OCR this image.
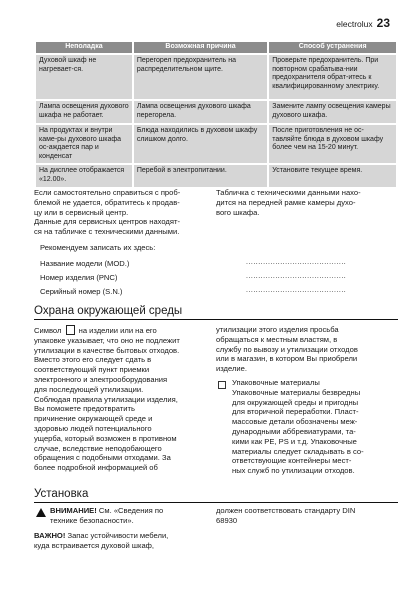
electrolux 23
Неполадка	Возможная причина	Способ устранения
Духовой шкаф не нагревает-ся.	Перегорел предохранитель на распределительном щите.	Проверьте предохранитель. При повторном срабатыва-нии предохранителя обрат-итесь к квалифицированному электрику.
Лампа освещения духового шкафа не работает.	Лампа освещения духового шкафа перегорела.	Замените лампу освещения камеры духового шкафа.
На продуктах и внутри каме-ры духового шкафа ос-аждается пар и конденсат	Блюда находились в духовом шкафу слишком долго.	После приготовления не ос-тавляйте блюда в духовом шкафу более чем на 15-20 минут.
На дисплее отображается «12.00».	Перебой в электропитании.	Установите текущее время.
Если самостоятельно справиться с проб-
блемой не удается, обратитесь к продав-
цу или в сервисный центр.
Данные для сервисных центров находят-
ся на табличке с техническими данными.
Табличка с техническими данными нахо-
дится на передней рамке камеры духо-
вого шкафа.
Рекомендуем записать их здесь:
Название модели (MOD.)	.........................................
Номер изделия (PNC)	.........................................
Серийный номер (S.N.)	.........................................
Охрана окружающей среды
Символ на изделии или на его
упаковке указывает, что оно не подлежит
утилизации в качестве бытовых отходов.
Вместо этого его следует сдать в
соответствующий пункт приемки
электронного и электрооборудования
для последующей утилизации.
Соблюдая правила утилизации изделия,
Вы поможете предотвратить
причинение окружающей среде и
здоровью людей потенциального
ущерба, который возможен в противном
случае, вследствие неподобающего
обращения с подобными отходами. За
более подробной информацией об
утилизации этого изделия просьба
обращаться к местным властям, в
службу по вывозу и утилизации отходов
или в магазин, в котором Вы приобрели
изделие.
Упаковочные материалы
Упаковочные материалы безвредны
для окружающей среды и пригодны
для вторичной переработки. Пласт-
массовые детали обозначены меж-
дународными аббревиатурами, та-
кими как PE, PS и т.д. Упаковочные
материалы следует складывать в со-
ответствующие контейнеры мест-
ных служб по утилизации отходов.
Установка
ВНИМАНИЕ! См. «Сведения по
технике безопасности».
ВАЖНО! Запас устойчивости мебели,
куда встраивается духовой шкаф,
должен соответствовать стандарту DIN
68930
